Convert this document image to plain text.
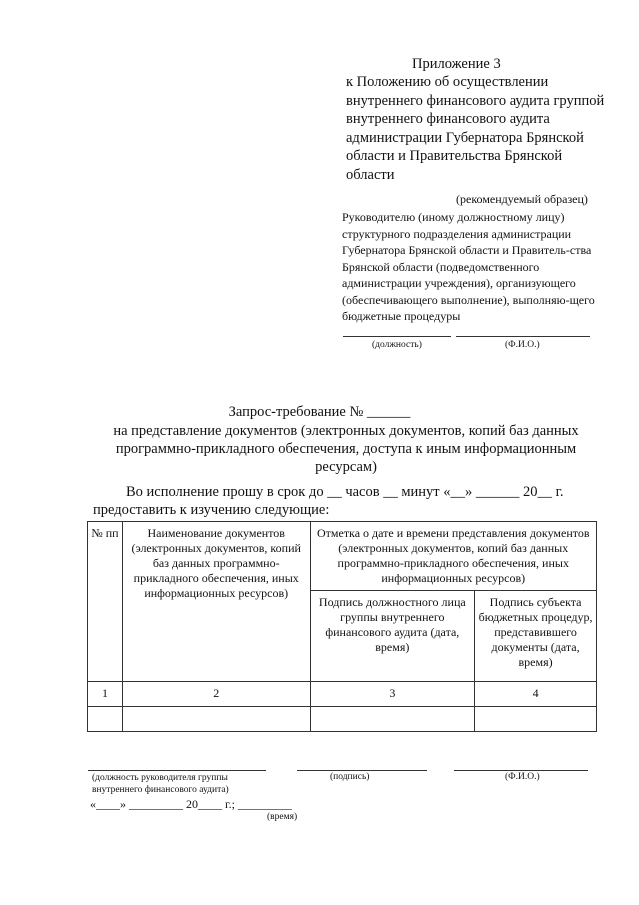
Приложение 3
к Положению об осуществлении внутреннего финансового аудита группой внутреннего финансового аудита администрации Губернатора Брянской области и Правительства Брянской области
(рекомендуемый образец)
Руководителю (иному должностному лицу) структурного подразделения администрации Губернатора Брянской области и Правитель-ства Брянской области (подведомственного администрации учреждения), организующего (обеспечивающего выполнение), выполняю-щего бюджетные процедуры
(должность)	(Ф.И.О.)
Запрос-требование № ______
на представление документов (электронных документов, копий баз данных программно-прикладного обеспечения, доступа к иным информационным ресурсам)
Во исполнение прошу в срок до __ часов __ минут «__» ______ 20__ г.
предоставить к изучению следующие:
№ пп	Наименование документов (электронных документов, копий баз данных программно-прикладного обеспечения, иных информационных ресурсов)	Отметка о дате и времени представления документов (электронных документов, копий баз данных программно-прикладного обеспечения, иных информационных ресурсов)	
		Подпись должностного лица группы внутреннего финансового аудита (дата, время)	Подпись субъекта бюджетных процедур, представившего документы (дата, время)
1	2	3	4

(должность руководителя группы внутреннего финансового аудита)
(подпись)	(Ф.И.О.)
«____» _________ 20____ г.; _________
(время)
